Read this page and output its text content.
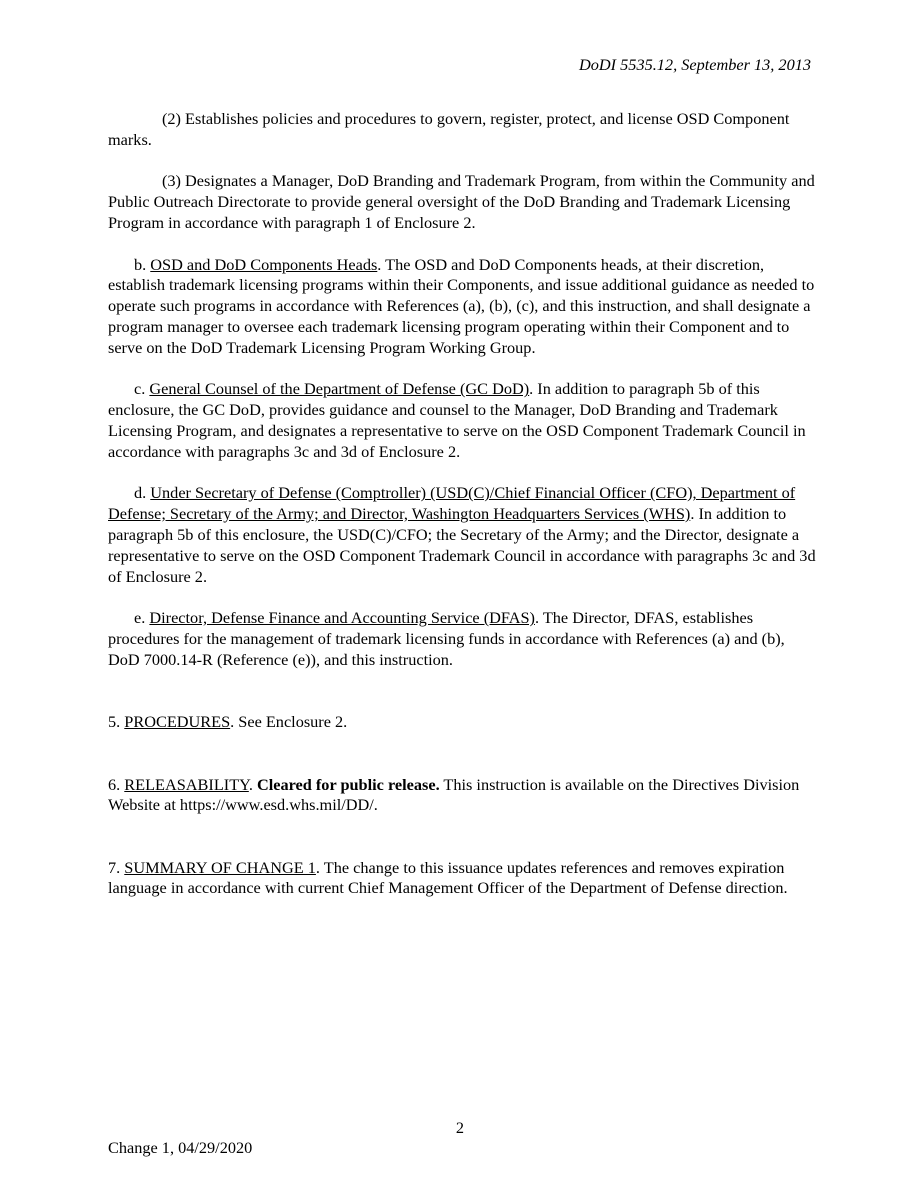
DoDI 5535.12, September 13, 2013

(2) Establishes policies and procedures to govern, register, protect, and license OSD Component marks.

(3) Designates a Manager, DoD Branding and Trademark Program, from within the Community and Public Outreach Directorate to provide general oversight of the DoD Branding and Trademark Licensing Program in accordance with paragraph 1 of Enclosure 2.

b. OSD and DoD Components Heads. The OSD and DoD Components heads, at their discretion, establish trademark licensing programs within their Components, and issue additional guidance as needed to operate such programs in accordance with References (a), (b), (c), and this instruction, and shall designate a program manager to oversee each trademark licensing program operating within their Component and to serve on the DoD Trademark Licensing Program Working Group.

c. General Counsel of the Department of Defense (GC DoD). In addition to paragraph 5b of this enclosure, the GC DoD, provides guidance and counsel to the Manager, DoD Branding and Trademark Licensing Program, and designates a representative to serve on the OSD Component Trademark Council in accordance with paragraphs 3c and 3d of Enclosure 2.

d. Under Secretary of Defense (Comptroller) (USD(C)/Chief Financial Officer (CFO), Department of Defense; Secretary of the Army; and Director, Washington Headquarters Services (WHS). In addition to paragraph 5b of this enclosure, the USD(C)/CFO; the Secretary of the Army; and the Director, designate a representative to serve on the OSD Component Trademark Council in accordance with paragraphs 3c and 3d of Enclosure 2.

e. Director, Defense Finance and Accounting Service (DFAS). The Director, DFAS, establishes procedures for the management of trademark licensing funds in accordance with References (a) and (b), DoD 7000.14-R (Reference (e)), and this instruction.

5. PROCEDURES. See Enclosure 2.

6. RELEASABILITY. Cleared for public release. This instruction is available on the Directives Division Website at https://www.esd.whs.mil/DD/.

7. SUMMARY OF CHANGE 1. The change to this issuance updates references and removes expiration language in accordance with current Chief Management Officer of the Department of Defense direction.

2
Change 1, 04/29/2020
